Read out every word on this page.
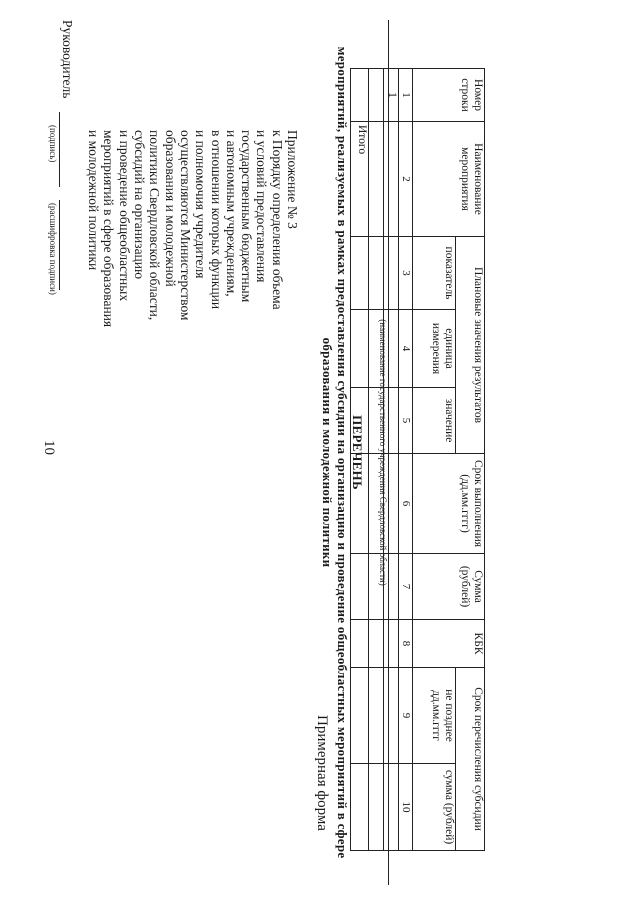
10
Приложение № 3
к Порядку определения объема
и условий предоставления
государственным бюджетным
и автономным учреждениям,
в отношении которых функции
и полномочия учредителя
осуществляются Министерством
образования и молодежной
политики Свердловской области,
субсидий на организацию
и проведение общеобластных
мероприятий в сфере образования
и молодежной политики
Примерная форма
ПЕРЕЧЕНЬ
мероприятий, реализуемых в рамках предоставления субсидии на организацию и проведение общеобластных мероприятий в сфере
образования и молодежной политики	(наименование государственного учреждения Свердловской области)
Номер строки	Наименование мероприятия	Плановые значения результатов			Срок выполнения (дд.мм.гггг)	Сумма (рублей)	КБК	Срок перечисления субсидии	
		показатель	единица измерения	значение				не позднее дд.мм.гггг	сумма (рублей)
1	2	3	4	5	6	7	8	9	10
1									

	Итого								
Руководитель
(подпись)
(расшифровка подписи)
